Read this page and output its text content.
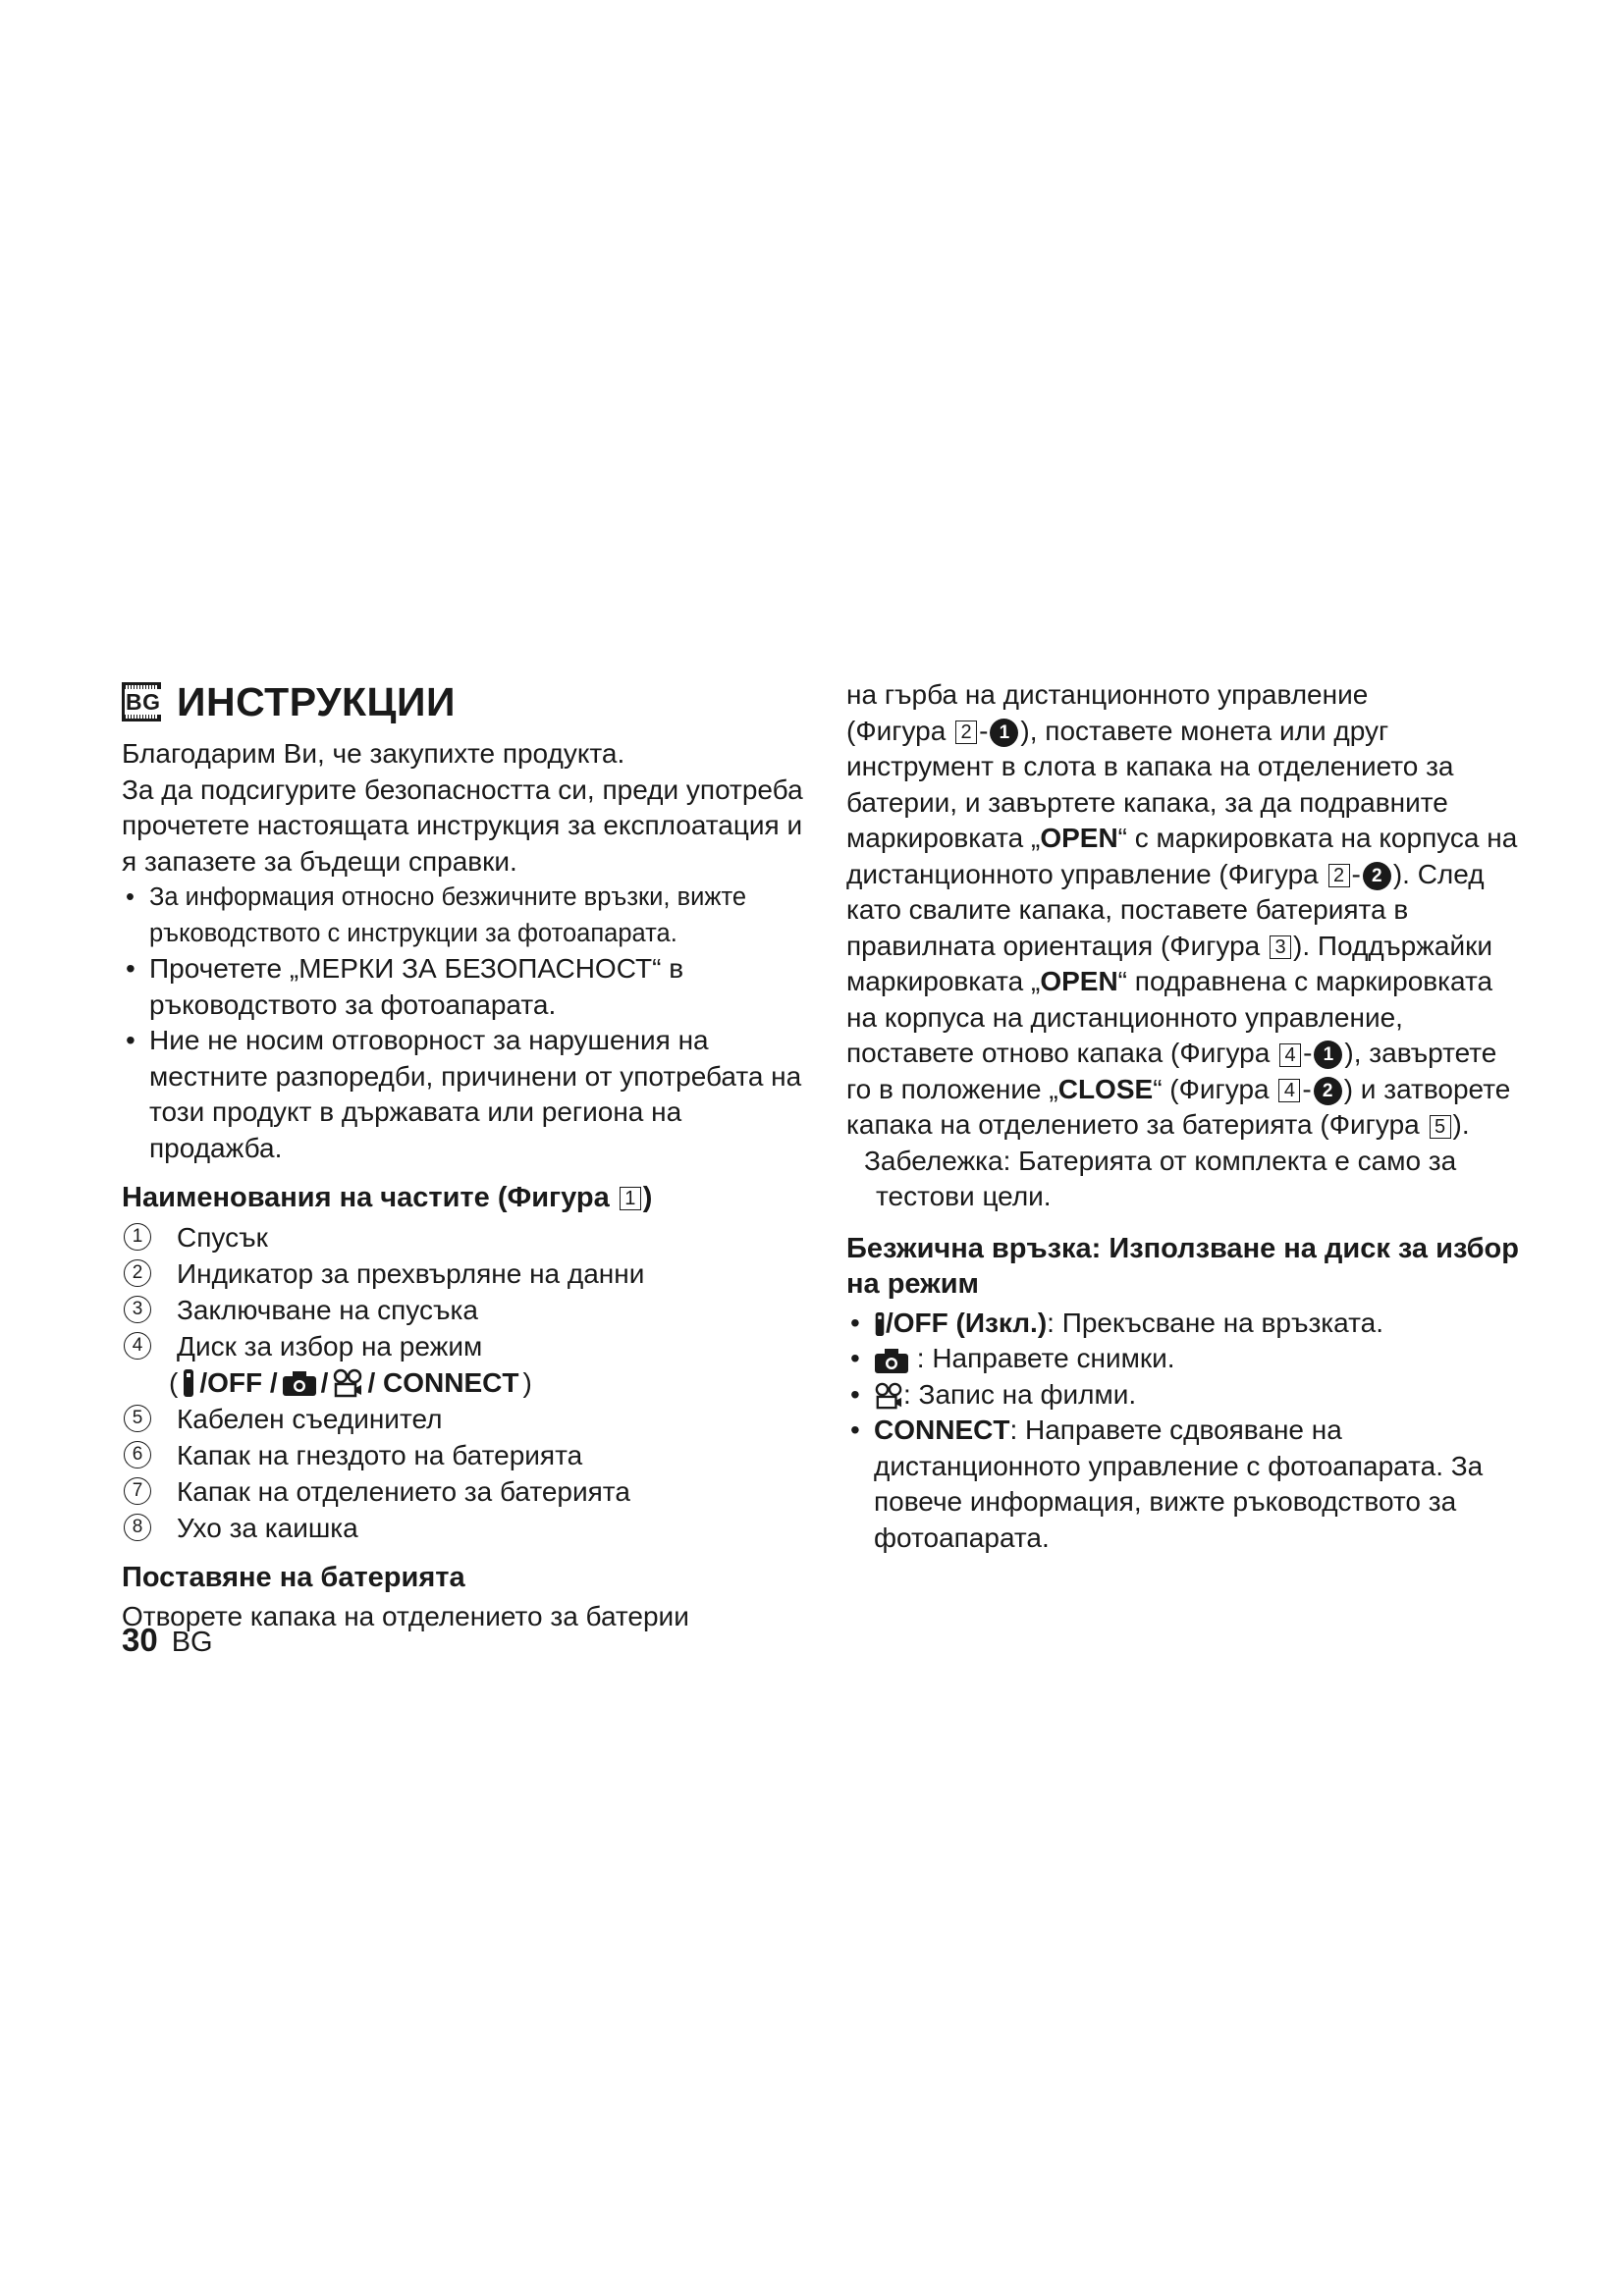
BG ИНСТРУКЦИИ

Благодарим Ви, че закупихте продукта.

За да подсигурите безопасността си, преди употреба прочетете настоящата инструкция за експлоатация и я запазете за бъдещи справки.

• За информация относно безжичните връзки, вижте ръководството с инструкции за фотоапарата.
• Прочетете „МЕРКИ ЗА БЕЗОПАСНОСТ“ в ръководството за фотоапарата.
• Ние не носим отговорност за нарушения на местните разпоредби, причинени от употребата на този продукт в държавата или региона на продажба.
Наименования на частите (Фигура 1 )
1	Спусък
2	Индикатор за прехвърляне на данни
3	Заключване на спусъка
4	Диск за избор на режим

( /OFF / / / CONNECT )
5	Кабелен съединител
6	Капак на гнездото на батерията
7	Капак на отделението за батерията
8	Ухо за каишка
Поставяне на батерията

Отворете капака на отделението за батерии

30 BG

на гърба на дистанционното управление
(Фигура 2 - 1 ), поставете монета или друг инструмент в слота в капака на отделението за батерии, и завъртете капака, за да подравните маркировката „OPEN“ с маркировката на корпуса на дистанционното управление (Фигура 2 - 2 ). След като свалите капака, поставете батерията в правилната ориентация (Фигура 3 ). Поддържайки маркировката „OPEN“ подравнена с маркировката на корпуса на дистанционното управление, поставете отново капака (Фигура 4 - 1 ), завъртете го в положение „CLOSE“ (Фигура 4 - 2 ) и затворете капака на отделението за батерията (Фигура 5 ).

Забележка: Батерията от комплекта е само за
тестови цели.

Безжична връзка: Използване на диск за избор на режим
• /OFF (Изкл.): Прекъсване на връзката.
• : Направете снимки.
• : Запис на филми.
• CONNECT: Направете сдвояване на дистанционното управление с фотоапарата. За повече информация, вижте ръководството за фотоапарата.
